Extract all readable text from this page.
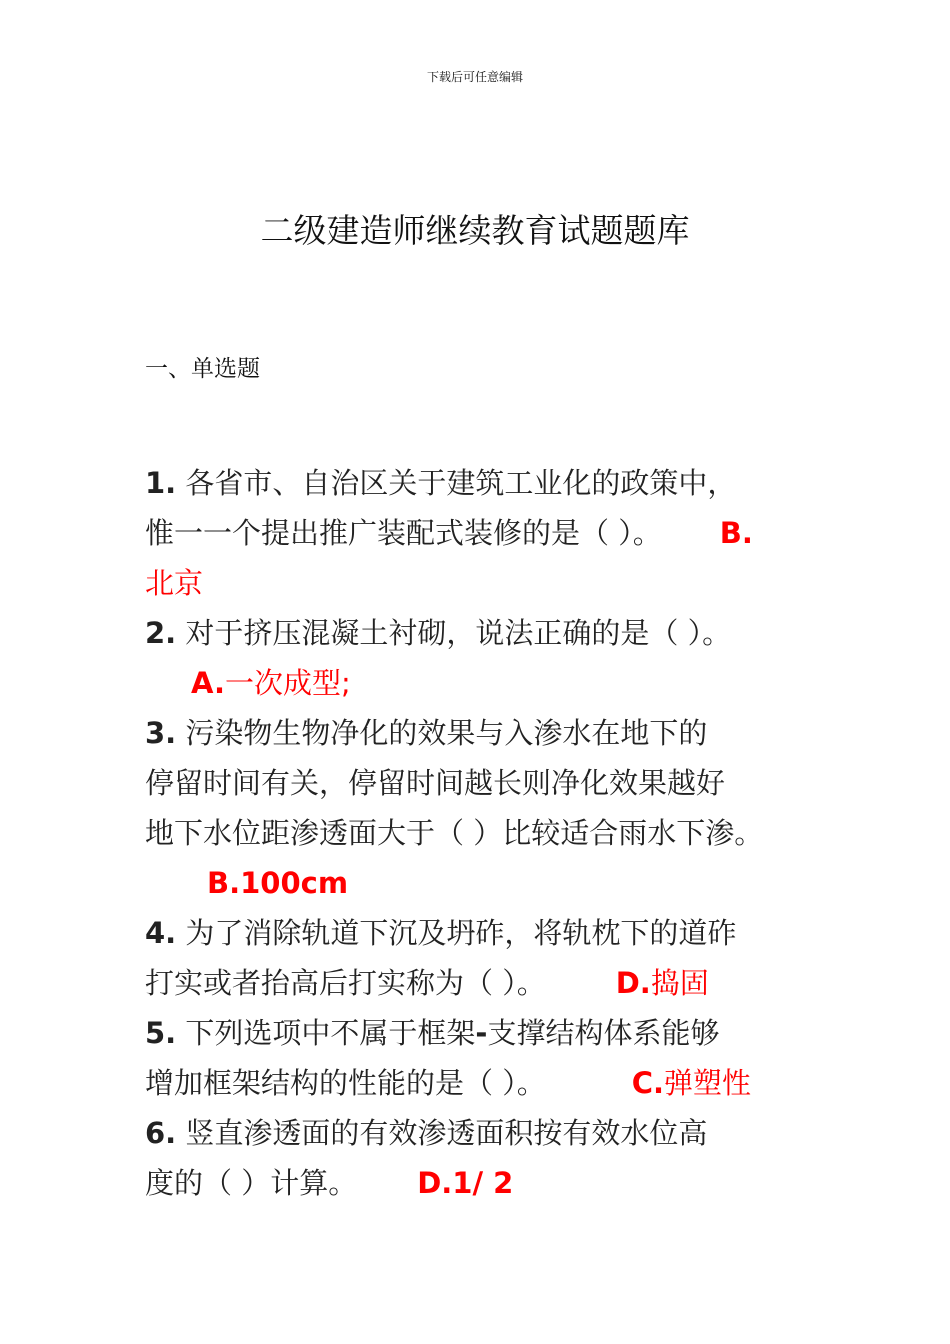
下载后可任意编辑
二级建造师继续教育试题题库
一、单选题
1. 各省市、自治区关于建筑工业化的政策中，
惟一一个提出推广装配式装修的是（ ）。 B.
北京
2. 对于挤压混凝土衬砌，说法正确的是（ ）。
A.一次成型;
3. 污染物生物净化的效果与入渗水在地下的
停留时间有关，停留时间越长则净化效果越好
地下水位距渗透面大于（ ）比较适合雨水下渗。
B.100cm
4. 为了消除轨道下沉及坍砟，将轨枕下的道砟
打实或者抬高后打实称为（ ）。 D.捣固
5. 下列选项中不属于框架-支撑结构体系能够
增加框架结构的性能的是（ ）。	C.弹塑性
6. 竖直渗透面的有效渗透面积按有效水位高
度的（ ）计算。 D.1/ 2
